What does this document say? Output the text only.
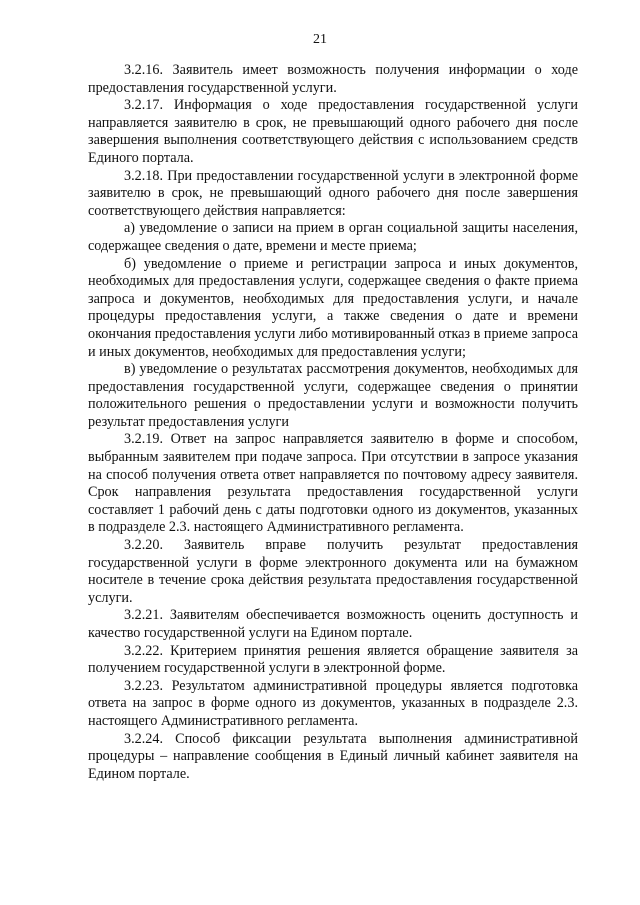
21

3.2.16. Заявитель имеет возможность получения информации о ходе предоставления государственной услуги.

3.2.17. Информация о ходе предоставления государственной услуги направляется заявителю в срок, не превышающий одного рабочего дня после завершения выполнения соответствующего действия с использованием средств Единого портала.

3.2.18. При предоставлении государственной услуги в электронной форме заявителю в срок, не превышающий одного рабочего дня после завершения соответствующего действия направляется:

а) уведомление о записи на прием в орган социальной защиты населения, содержащее сведения о дате, времени и месте приема;

б) уведомление о приеме и регистрации запроса и иных документов, необходимых для предоставления услуги, содержащее сведения о факте приема запроса и документов, необходимых для предоставления услуги, и начале процедуры предоставления услуги, а также сведения о дате и времени окончания предоставления услуги либо мотивированный отказ в приеме запроса и иных документов, необходимых для предоставления услуги;

в) уведомление о результатах рассмотрения документов, необходимых для предоставления государственной услуги, содержащее сведения о принятии положительного решения о предоставлении услуги и возможности получить результат предоставления услуги

3.2.19. Ответ на запрос направляется заявителю в форме и способом, выбранным заявителем при подаче запроса. При отсутствии в запросе указания на способ получения ответа ответ направляется по почтовому адресу заявителя. Срок направления результата предоставления государственной услуги составляет 1 рабочий день с даты подготовки одного из документов, указанных в подразделе 2.3. настоящего Административного регламента.

3.2.20. Заявитель вправе получить результат предоставления государственной услуги в форме электронного документа или на бумажном носителе в течение срока действия результата предоставления государственной услуги.

3.2.21. Заявителям обеспечивается возможность оценить доступность и качество государственной услуги на Едином портале.

3.2.22. Критерием принятия решения является обращение заявителя за получением государственной услуги в электронной форме.

3.2.23. Результатом административной процедуры является подготовка ответа на запрос в форме одного из документов, указанных в подразделе 2.3. настоящего Административного регламента.

3.2.24. Способ фиксации результата выполнения административной процедуры – направление сообщения в Единый личный кабинет заявителя на Едином портале.
